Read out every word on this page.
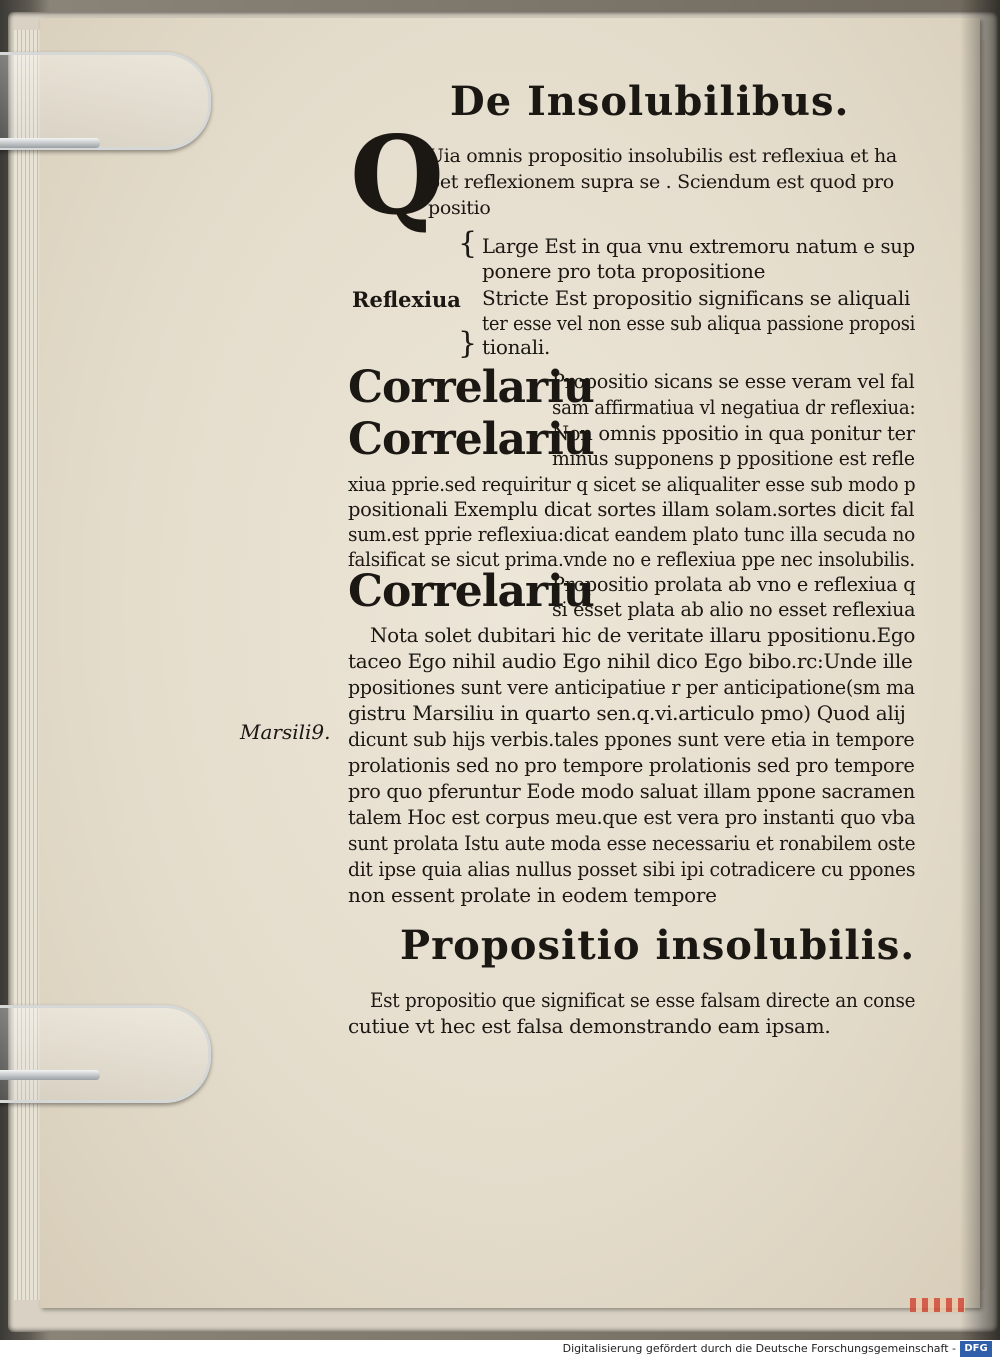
De Insolubilibus.
Q
Uia omnis propositio insolubilis est reflexiua et ha
bet reflexionem supra se . Sciendum est quod pro
positio
{
Reflexiua
Large Est in qua vnu extremoru natum e sup
ponere pro tota propositione
Stricte Est propositio significans se aliquali
ter esse vel non esse sub aliqua passione proposi
} tionali.
Correlariu
Propositio sicans se esse veram vel fal
sam affirmatiua vl negatiua dr reflexiua:
Correlariu
Non omnis ppositio in qua ponitur ter
minus supponens p ppositione est refle
xiua pprie.sed requiritur q sicet se aliqualiter esse sub modo p
positionali Exemplu dicat sortes illam solam.sortes dicit fal
sum.est pprie reflexiua:dicat eandem plato tunc illa secuda no
falsificat se sicut prima.vnde no e reflexiua ppe nec insolubilis.
Correlariu
Propositio prolata ab vno e reflexiua q
si esset plata ab alio no esset reflexiua
Nota solet dubitari hic de veritate illaru ppositionu.Ego
taceo Ego nihil audio Ego nihil dico Ego bibo.rc:Unde ille
ppositiones sunt vere anticipatiue r per anticipatione(sm ma
gistru Marsiliu in quarto sen.q.vi.articulo pmo) Quod alij
dicunt sub hijs verbis.tales ppones sunt vere etia in tempore
prolationis sed no pro tempore prolationis sed pro tempore
pro quo pferuntur Eode modo saluat illam ppone sacramen
talem Hoc est corpus meu.que est vera pro instanti quo vba
sunt prolata Istu aute moda esse necessariu et ronabilem oste
dit ipse quia alias nullus posset sibi ipi cotradicere cu ppones
non essent prolate in eodem tempore
Marsili9.
Propositio insolubilis.
Est propositio que significat se esse falsam directe an conse
cutiue vt hec est falsa demonstrando eam ipsam.
Digitalisierung gefördert durch die Deutsche Forschungsgemeinschaft - DFG
